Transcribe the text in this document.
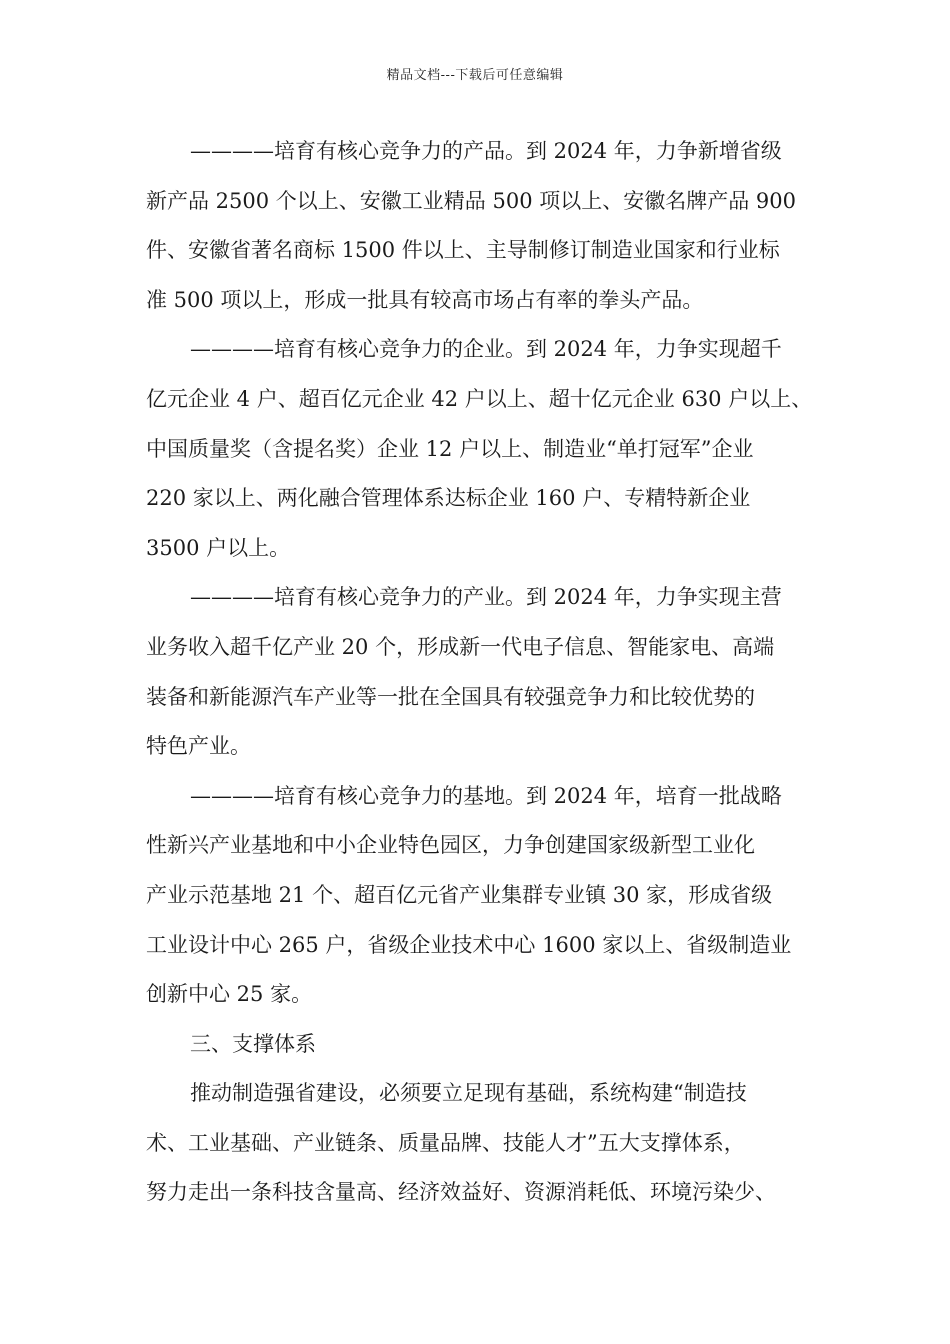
精品文档---下载后可任意编辑
————培育有核心竞争力的产品。到 2024 年，力争新增省级
新产品 2500 个以上、安徽工业精品 500 项以上、安徽名牌产品 900
件、安徽省著名商标 1500 件以上、主导制修订制造业国家和行业标
准 500 项以上，形成一批具有较高市场占有率的拳头产品。
————培育有核心竞争力的企业。到 2024 年，力争实现超千
亿元企业 4 户、超百亿元企业 42 户以上、超十亿元企业 630 户以上、
中国质量奖（含提名奖）企业 12 户以上、制造业“单打冠军”企业
220 家以上、两化融合管理体系达标企业 160 户、专精特新企业
3500 户以上。
————培育有核心竞争力的产业。到 2024 年，力争实现主营
业务收入超千亿产业 20 个，形成新一代电子信息、智能家电、高端
装备和新能源汽车产业等一批在全国具有较强竞争力和比较优势的
特色产业。
————培育有核心竞争力的基地。到 2024 年，培育一批战略
性新兴产业基地和中小企业特色园区，力争创建国家级新型工业化
产业示范基地 21 个、超百亿元省产业集群专业镇 30 家，形成省级
工业设计中心 265 户，省级企业技术中心 1600 家以上、省级制造业
创新中心 25 家。
三、支撑体系
推动制造强省建设，必须要立足现有基础，系统构建“制造技
术、工业基础、产业链条、质量品牌、技能人才”五大支撑体系，
努力走出一条科技含量高、经济效益好、资源消耗低、环境污染少、
